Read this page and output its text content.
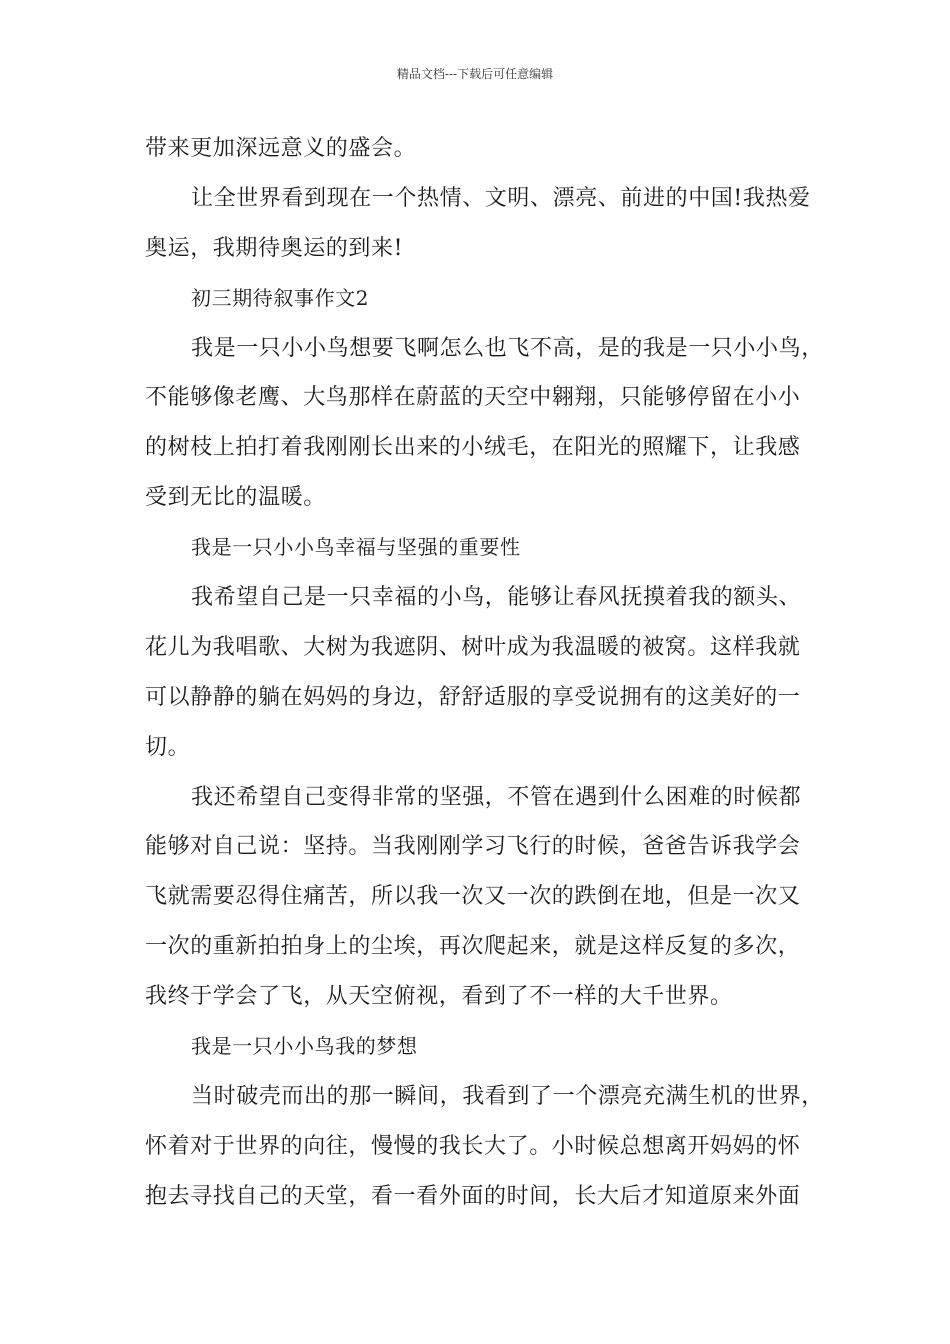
精品文档---下载后可任意编辑
带来更加深远意义的盛会。
让全世界看到现在一个热情、文明、漂亮、前进的中国!我热爱
奥运，我期待奥运的到来!
初三期待叙事作文2
我是一只小小鸟想要飞啊怎么也飞不高，是的我是一只小小鸟，
不能够像老鹰、大鸟那样在蔚蓝的天空中翱翔，只能够停留在小小
的树枝上拍打着我刚刚长出来的小绒毛，在阳光的照耀下，让我感
受到无比的温暖。
我是一只小小鸟幸福与坚强的重要性
我希望自己是一只幸福的小鸟，能够让春风抚摸着我的额头、
花儿为我唱歌、大树为我遮阴、树叶成为我温暖的被窝。这样我就
可以静静的躺在妈妈的身边，舒舒适服的享受说拥有的这美好的一
切。
我还希望自己变得非常的坚强，不管在遇到什么困难的时候都
能够对自己说：坚持。当我刚刚学习飞行的时候，爸爸告诉我学会
飞就需要忍得住痛苦，所以我一次又一次的跌倒在地，但是一次又
一次的重新拍拍身上的尘埃，再次爬起来，就是这样反复的多次，
我终于学会了飞，从天空俯视，看到了不一样的大千世界。
我是一只小小鸟我的梦想
当时破壳而出的那一瞬间，我看到了一个漂亮充满生机的世界，
怀着对于世界的向往，慢慢的我长大了。小时候总想离开妈妈的怀
抱去寻找自己的天堂，看一看外面的时间，长大后才知道原来外面
